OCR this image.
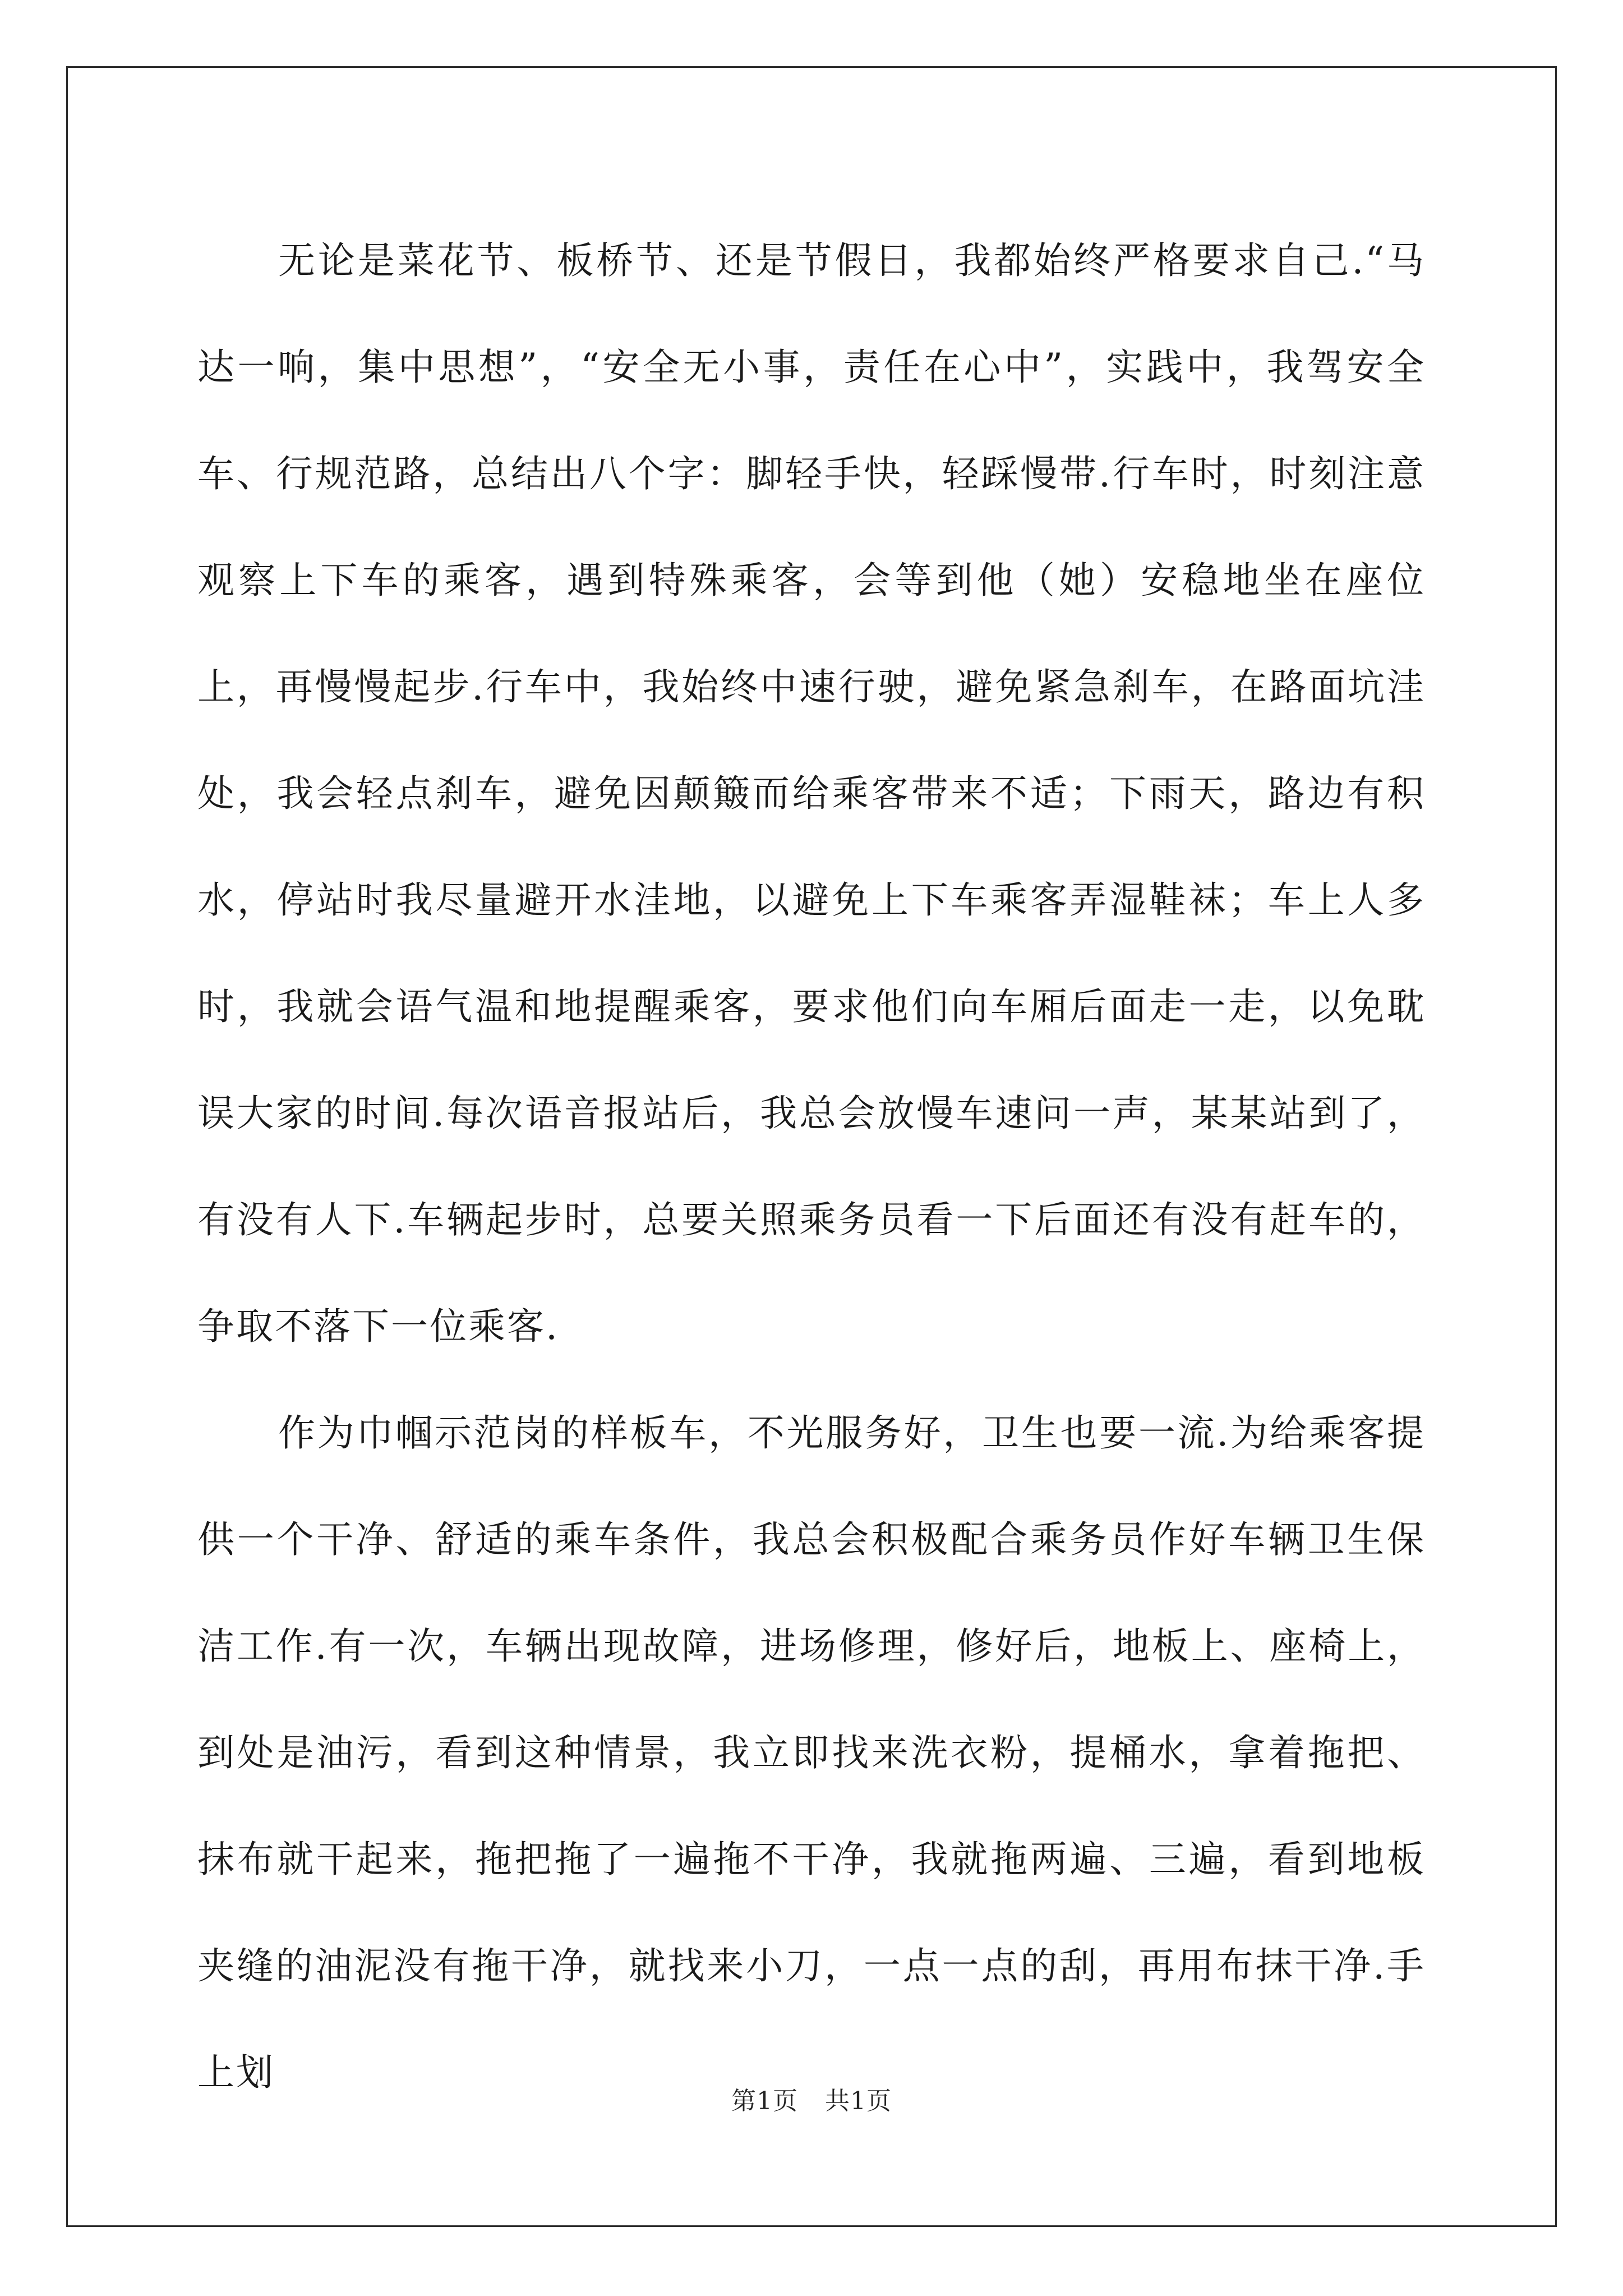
无论是菜花节、板桥节、还是节假日，我都始终严格要求自己.“马达一响，集中思想”，“安全无小事，责任在心中”，实践中，我驾安全车、行规范路，总结出八个字：脚轻手快，轻踩慢带.行车时，时刻注意观察上下车的乘客，遇到特殊乘客，会等到他（她）安稳地坐在座位上，再慢慢起步.行车中，我始终中速行驶，避免紧急刹车，在路面坑洼处，我会轻点刹车，避免因颠簸而给乘客带来不适；下雨天，路边有积水，停站时我尽量避开水洼地，以避免上下车乘客弄湿鞋袜；车上人多时，我就会语气温和地提醒乘客，要求他们向车厢后面走一走，以免耽误大家的时间.每次语音报站后，我总会放慢车速问一声，某某站到了，有没有人下.车辆起步时，总要关照乘务员看一下后面还有没有赶车的，争取不落下一位乘客.

作为巾帼示范岗的样板车，不光服务好，卫生也要一流.为给乘客提供一个干净、舒适的乘车条件，我总会积极配合乘务员作好车辆卫生保洁工作.有一次，车辆出现故障，进场修理，修好后，地板上、座椅上，到处是油污，看到这种情景，我立即找来洗衣粉，提桶水，拿着拖把、抹布就干起来，拖把拖了一遍拖不干净，我就拖两遍、三遍，看到地板夹缝的油泥没有拖干净，就找来小刀，一点一点的刮，再用布抹干净.手上划

第1页 共1页
